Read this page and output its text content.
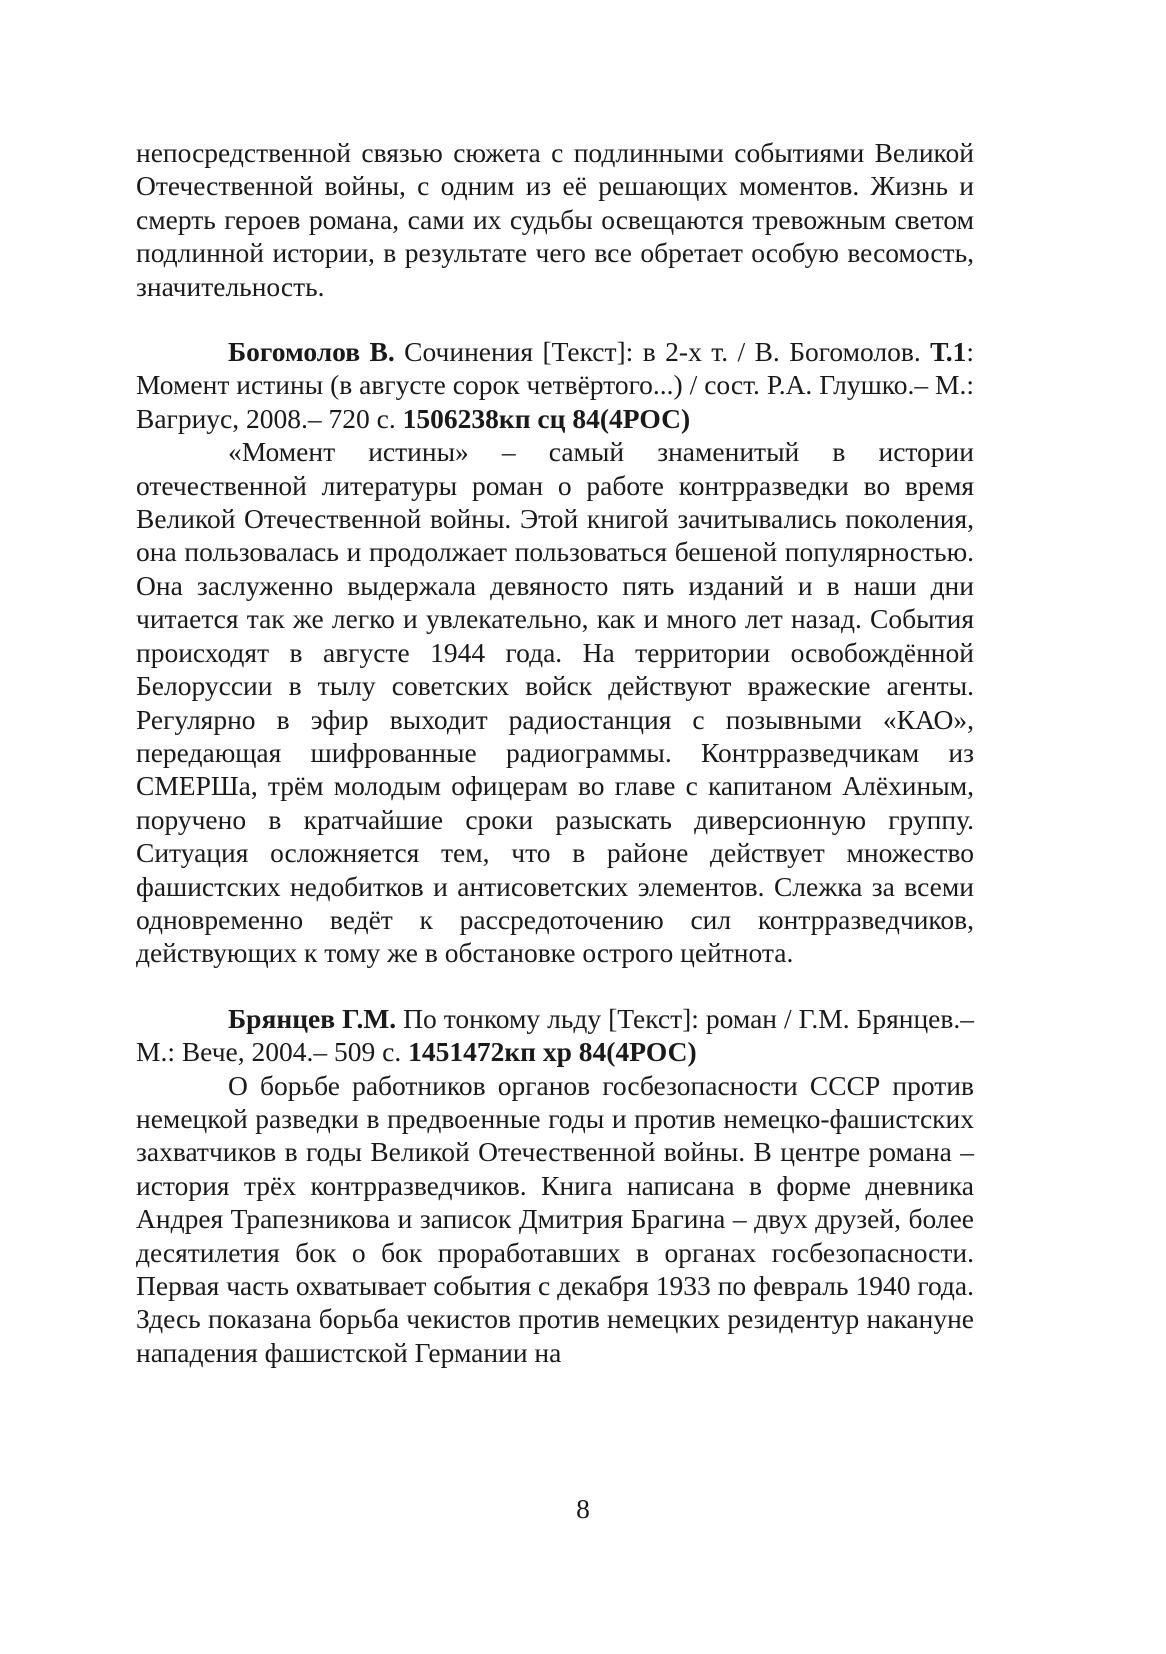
непосредственной связью сюжета с подлинными событиями Великой Отечественной войны, с одним из её решающих моментов. Жизнь и смерть героев романа, сами их судьбы освещаются тревожным светом подлинной истории, в результате чего все обретает особую весомость, значительность.

Богомолов В. Сочинения [Текст]: в 2-х т. / В. Богомолов. Т.1: Момент истины (в августе сорок четвёртого...) / сост. Р.А. Глушко.– М.: Вагриус, 2008.– 720 с. 1506238кп сц 84(4РОС)

«Момент истины» – самый знаменитый в истории отечественной литературы роман о работе контрразведки во время Великой Отечественной войны. Этой книгой зачитывались поколения, она пользовалась и продолжает пользоваться бешеной популярностью. Она заслуженно выдержала девяносто пять изданий и в наши дни читается так же легко и увлекательно, как и много лет назад. События происходят в августе 1944 года. На территории освобождённой Белоруссии в тылу советских войск действуют вражеские агенты. Регулярно в эфир выходит радиостанция с позывными «КАО», передающая шифрованные радиограммы. Контрразведчикам из СМЕРШа, трём молодым офицерам во главе с капитаном Алёхиным, поручено в кратчайшие сроки разыскать диверсионную группу. Ситуация осложняется тем, что в районе действует множество фашистских недобитков и антисоветских элементов. Слежка за всеми одновременно ведёт к рассредоточению сил контрразведчиков, действующих к тому же в обстановке острого цейтнота.

Брянцев Г.М. По тонкому льду [Текст]: роман / Г.М. Брянцев.– М.: Вече, 2004.– 509 с. 1451472кп хр 84(4РОС)

О борьбе работников органов госбезопасности СССР против немецкой разведки в предвоенные годы и против немецко-фашистских захватчиков в годы Великой Отечественной войны. В центре романа – история трёх контрразведчиков. Книга написана в форме дневника Андрея Трапезникова и записок Дмитрия Брагина – двух друзей, более десятилетия бок о бок проработавших в органах госбезопасности. Первая часть охватывает события с декабря 1933 по февраль 1940 года. Здесь показана борьба чекистов против немецких резидентур накануне нападения фашистской Германии на

8
